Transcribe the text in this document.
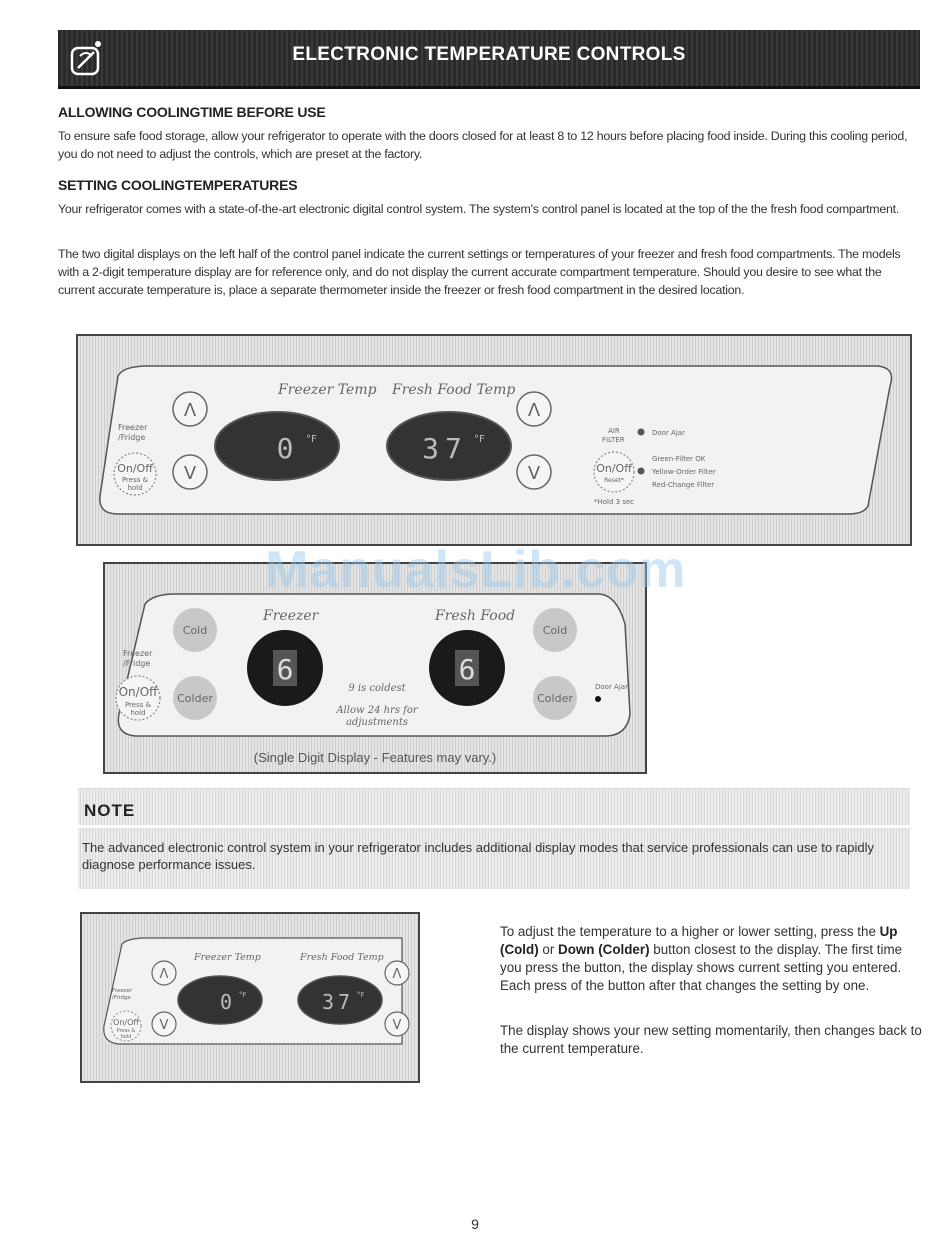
ELECTRONIC TEMPERATURE CONTROLS
ALLOWING COOLINGTIME BEFORE USE

To ensure safe food storage, allow your refrigerator to operate with the doors closed for at least 8 to 12 hours before placing food inside. During this cooling period, you do not need to adjust the controls, which are preset at the factory.

SETTING COOLINGTEMPERATURES

Your refrigerator comes with a state-of-the-art electronic digital control system. The system's control panel is located at the top of the the fresh food compartment.

The two digital displays on the left half of the control panel indicate the current settings or temperatures of your freezer and fresh food compartments. The models with a 2-digit temperature display are for reference only, and do not display the current accurate compartment temperature. Should you desire to see what the current accurate temperature is, place a separate thermometer inside the freezer or fresh food compartment in the desired location.

Freezer Temp Fresh Food Temp
Freezer
/Fridge
Λ
V
On/Off
Press &
hold
0 °F	37 °F
Λ
V
AIR
FILTER
Door Ajar
On/Off
Reset*
Green-Filter OK
Yellow-Order Filter
Red-Change Filter
*Hold 3 sec
Freezer	Fresh Food
Freezer
/Fridge
Cold
Colder
On/Off
Press &
hold
6	6
9 is coldest
Allow 24 hrs for
adjustments
Cold
Colder
Door Ajar
(Single Digit Display - Features may vary.)
ManualsLib.com
NOTE
The advanced electronic control system in your refrigerator includes additional display modes that service professionals can use to rapidly diagnose performance issues.
Freezer Temp	Fresh Food Temp
Freezer
/Fridge
Λ
V
On/Off
Press &
hold
0 °F	37 °F
Λ
V

To adjust the temperature to a higher or lower setting, press the Up (Cold) or Down (Colder) button closest to the display. The first time you press the button, the display shows current setting you entered. Each press of the button after that changes the setting by one.

The display shows your new setting momentarily, then changes back to the current temperature.

9
